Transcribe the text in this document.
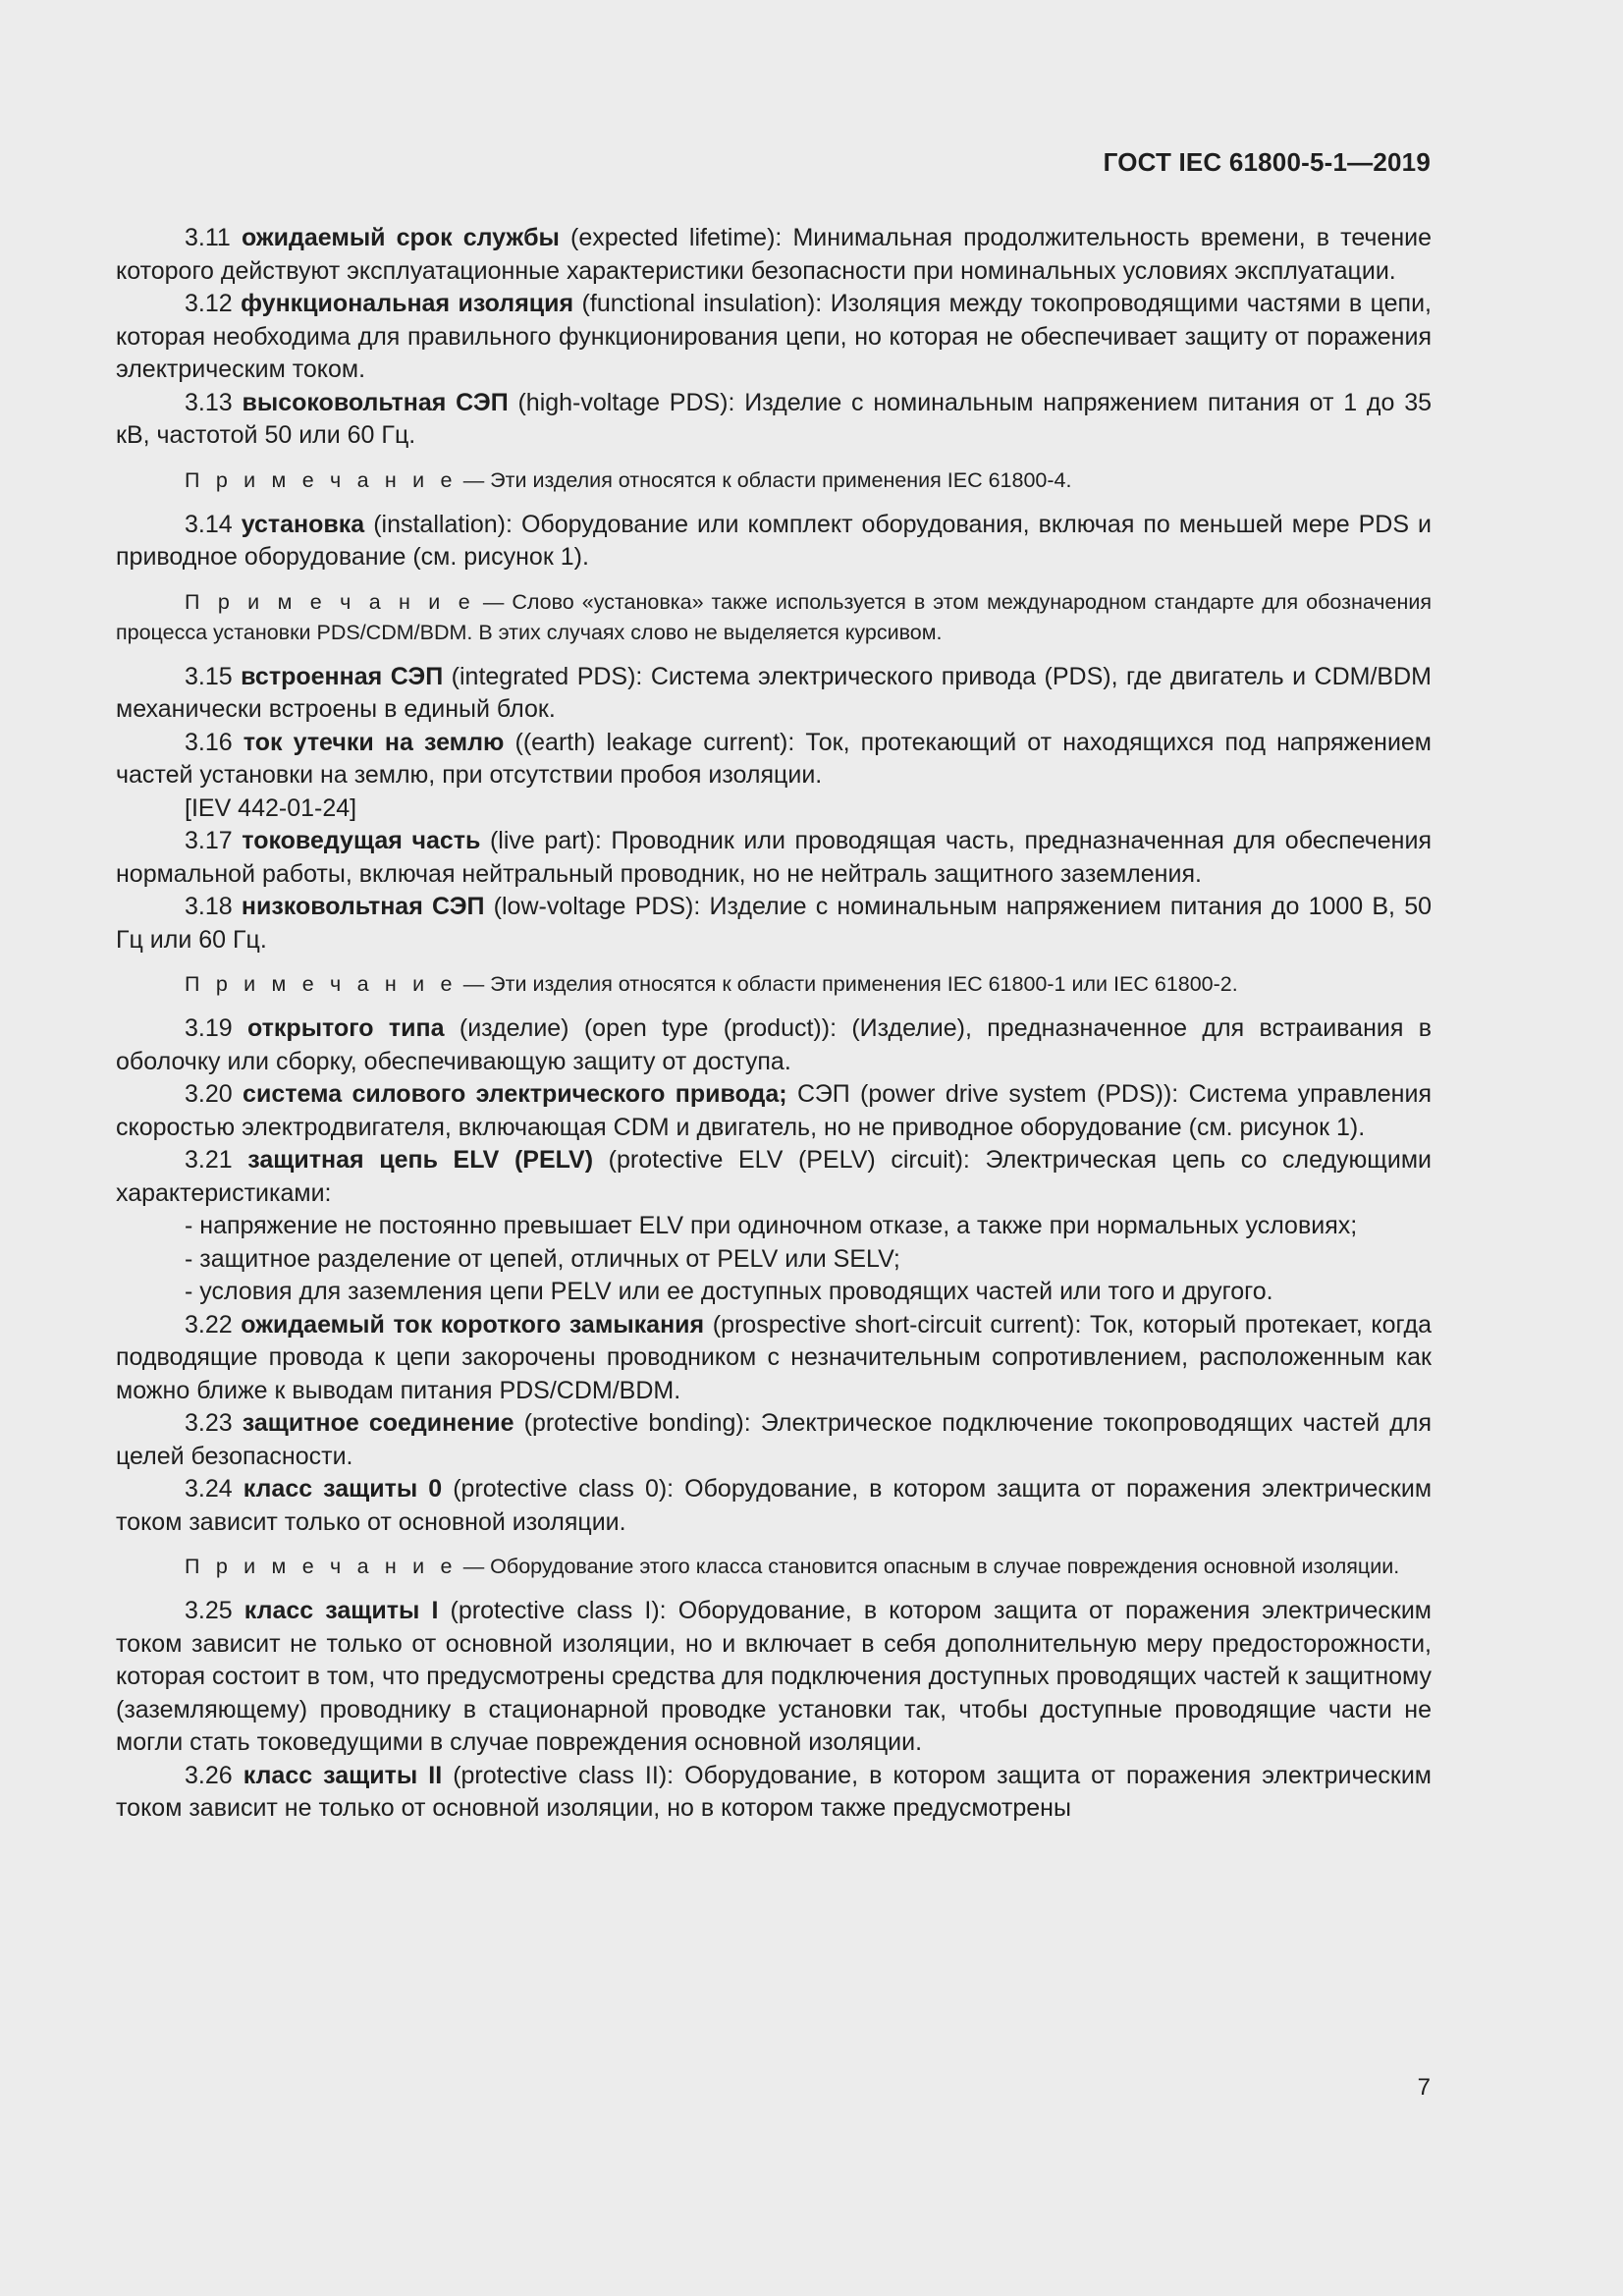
ГОСТ IEC 61800-5-1—2019

3.11 ожидаемый срок службы (expected lifetime): Минимальная продолжительность времени, в течение которого действуют эксплуатационные характеристики безопасности при номинальных условиях эксплуатации.

3.12 функциональная изоляция (functional insulation): Изоляция между токопроводящими частями в цепи, которая необходима для правильного функционирования цепи, но которая не обеспечивает защиту от поражения электрическим током.

3.13 высоковольтная СЭП (high-voltage PDS): Изделие с номинальным напряжением питания от 1 до 35 кВ, частотой 50 или 60 Гц.

П р и м е ч а н и е — Эти изделия относятся к области применения IEC 61800-4.

3.14 установка (installation): Оборудование или комплект оборудования, включая по меньшей мере PDS и приводное оборудование (см. рисунок 1).

П р и м е ч а н и е — Слово «установка» также используется в этом международном стандарте для обозначения процесса установки PDS/CDM/BDM. В этих случаях слово не выделяется курсивом.

3.15 встроенная СЭП (integrated PDS): Система электрического привода (PDS), где двигатель и CDM/BDM механически встроены в единый блок.

3.16 ток утечки на землю ((earth) leakage current): Ток, протекающий от находящихся под напряжением частей установки на землю, при отсутствии пробоя изоляции.

[IEV 442-01-24]

3.17 токоведущая часть (live part): Проводник или проводящая часть, предназначенная для обеспечения нормальной работы, включая нейтральный проводник, но не нейтраль защитного заземления.

3.18 низковольтная СЭП (low-voltage PDS): Изделие с номинальным напряжением питания до 1000 В, 50 Гц или 60 Гц.

П р и м е ч а н и е — Эти изделия относятся к области применения IEC 61800-1 или IEC 61800-2.

3.19 открытого типа (изделие) (open type (product)): (Изделие), предназначенное для встраивания в оболочку или сборку, обеспечивающую защиту от доступа.

3.20 система силового электрического привода; СЭП (power drive system (PDS)): Система управления скоростью электродвигателя, включающая CDM и двигатель, но не приводное оборудование (см. рисунок 1).

3.21 защитная цепь ELV (PELV) (protective ELV (PELV) circuit): Электрическая цепь со следующими характеристиками:

- напряжение не постоянно превышает ELV при одиночном отказе, а также при нормальных условиях;

- защитное разделение от цепей, отличных от PELV или SELV;

- условия для заземления цепи PELV или ее доступных проводящих частей или того и другого.

3.22 ожидаемый ток короткого замыкания (prospective short-circuit current): Ток, который протекает, когда подводящие провода к цепи закорочены проводником с незначительным сопротивлением, расположенным как можно ближе к выводам питания PDS/CDM/BDM.

3.23 защитное соединение (protective bonding): Электрическое подключение токопроводящих частей для целей безопасности.

3.24 класс защиты 0 (protective class 0): Оборудование, в котором защита от поражения электрическим током зависит только от основной изоляции.

П р и м е ч а н и е — Оборудование этого класса становится опасным в случае повреждения основной изоляции.

3.25 класс защиты I (protective class I): Оборудование, в котором защита от поражения электрическим током зависит не только от основной изоляции, но и включает в себя дополнительную меру предосторожности, которая состоит в том, что предусмотрены средства для подключения доступных проводящих частей к защитному (заземляющему) проводнику в стационарной проводке установки так, чтобы доступные проводящие части не могли стать токоведущими в случае повреждения основной изоляции.

3.26 класс защиты II (protective class II): Оборудование, в котором защита от поражения электрическим током зависит не только от основной изоляции, но в котором также предусмотрены

7
